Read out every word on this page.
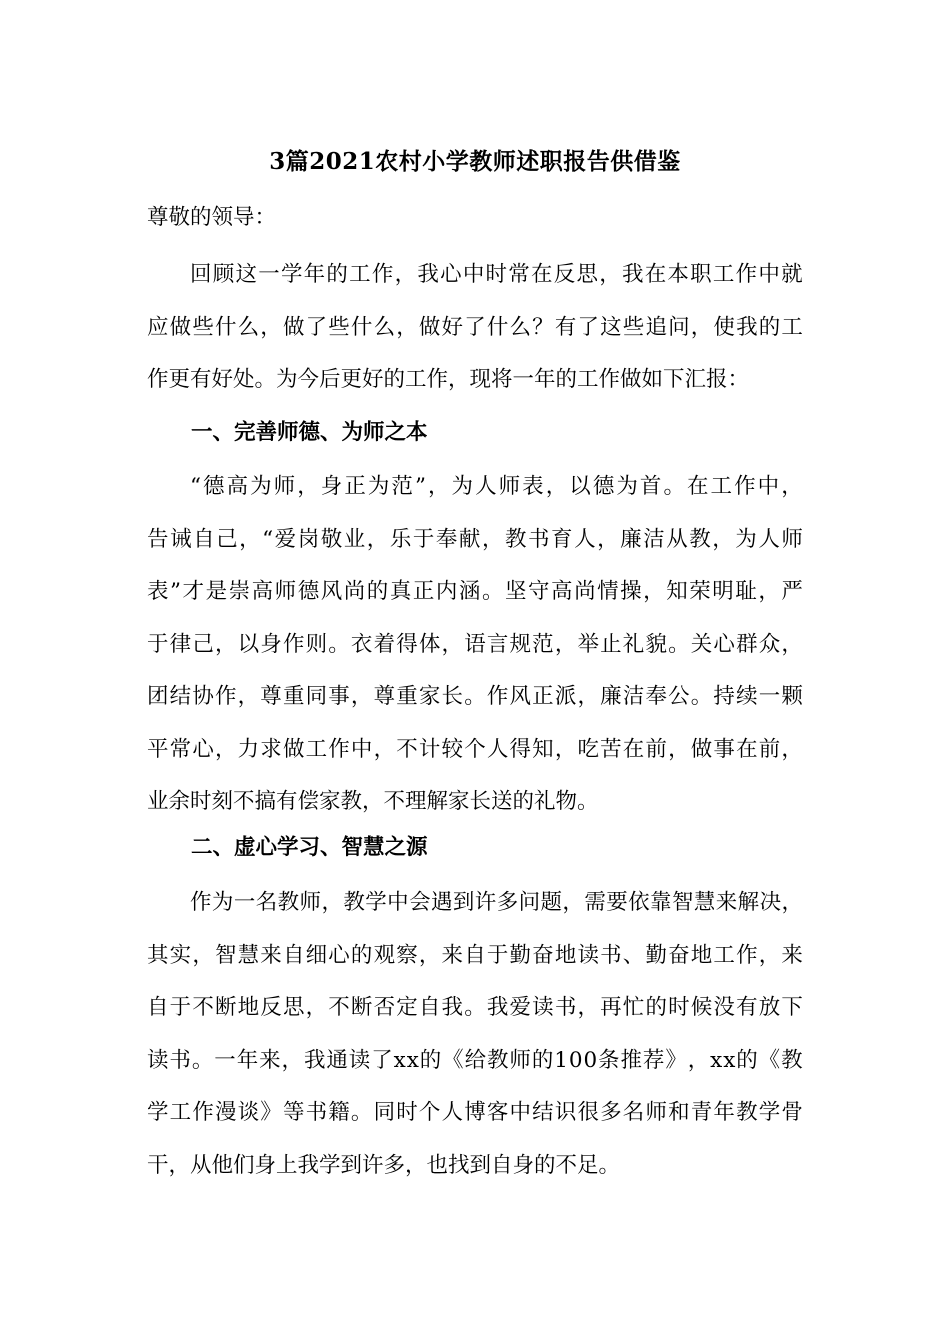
3篇2021农村小学教师述职报告供借鉴
尊敬的领导：
回 顾 这 一 学 年 的 工 作 ， 我 心 中 时 常 在 反 思 ， 我 在 本 职 工 作 中 就
应 做 些 什 么 ， 做 了 些 什 么 ， 做 好 了 什 么 ？ 有 了 这 些 追 问 ， 使 我 的 工
作更有好处。为今后更好的工作，现将一年的工作做如下汇报：
一、完善师德、为师之本
“ 德 高 为 师 ， 身 正 为 范 ” ， 为 人 师 表 ， 以 德 为 首 。 在 工 作 中 ，
告 诫 自 己 ， “ 爱 岗 敬 业 ， 乐 于 奉 献 ， 教 书 育 人 ， 廉 洁 从 教 ， 为 人 师
表 ” 才 是 崇 高 师 德 风 尚 的 真 正 内 涵 。 坚 守 高 尚 情 操 ， 知 荣 明 耻 ， 严
于 律 己 ， 以 身 作 则 。 衣 着 得 体 ， 语 言 规 范 ， 举 止 礼 貌 。 关 心 群 众 ，
团 结 协 作 ， 尊 重 同 事 ， 尊 重 家 长 。 作 风 正 派 ， 廉 洁 奉 公 。 持 续 一 颗
平 常 心 ， 力 求 做 工 作 中 ， 不 计 较 个 人 得 知 ， 吃 苦 在 前 ， 做 事 在 前 ，
业余时刻不搞有偿家教，不理解家长送的礼物。
二、虚心学习、智慧之源
作 为 一 名 教 师 ， 教 学 中 会 遇 到 许 多 问 题 ， 需 要 依 靠 智 慧 来 解 决 ，
其 实 ， 智 慧 来 自 细 心 的 观 察 ， 来 自 于 勤 奋 地 读 书 、 勤 奋 地 工 作 ， 来
自 于 不 断 地 反 思 ， 不 断 否 定 自 我 。 我 爱 读 书 ， 再 忙 的 时 候 没 有 放 下
读 书 。 一 年 来 ， 我 通 读 了 x x 的 《 给 教 师 的 1 0 0 条 推 荐 》 ， x x 的 《 教
学 工 作 漫 谈 》 等 书 籍 。 同 时 个 人 博 客 中 结 识 很 多 名 师 和 青 年 教 学 骨
干，从他们身上我学到许多，也找到自身的不足。
